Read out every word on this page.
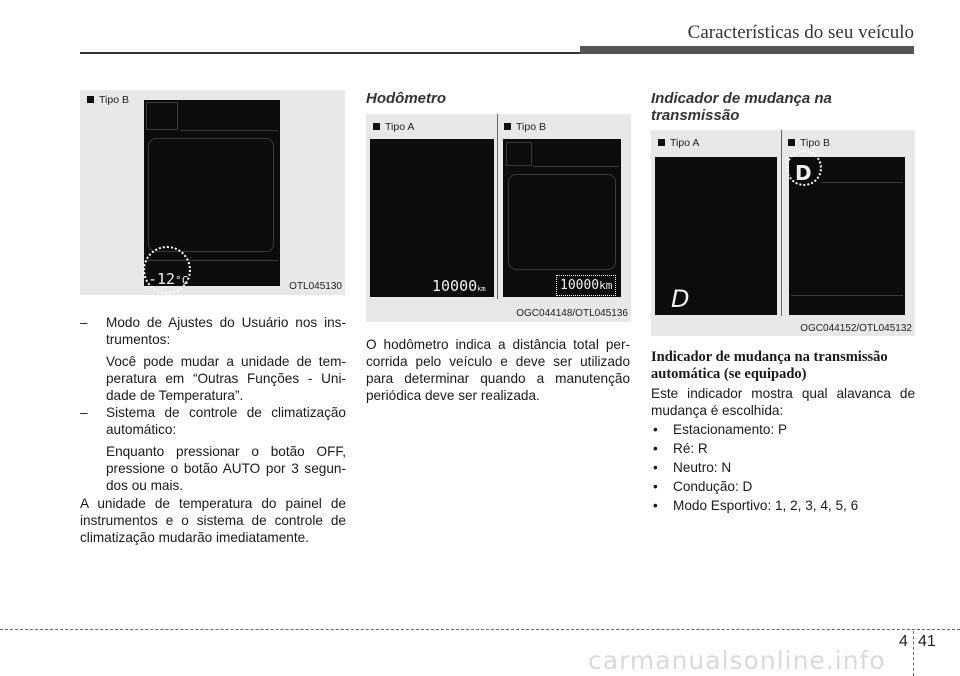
Características do seu veículo
Tipo B
-12°C	OTL045130
– Modo de Ajustes do Usuário nos ins-trumentos:

Você pode mudar a unidade de tem-peratura em “Outras Funções - Uni-dade de Temperatura”.

– Sistema de controle de climatização automático:

Enquanto pressionar o botão OFF, pressione o botão AUTO por 3 segun-dos ou mais.

A unidade de temperatura do painel de instrumentos e o sistema de controle de climatização mudarão imediatamente.

Hodômetro
Tipo A	Tipo B
10000km	10000km
OGC044148/OTL045136
O hodômetro indica a distância total per-corrida pelo veículo e deve ser utilizado para determinar quando a manutenção periódica deve ser realizada.
Indicador de mudança na transmissão
Tipo A	Tipo B
D
D
OGC044152/OTL045132
Indicador de mudança na transmissão automática (se equipado)

Este indicador mostra qual alavanca de mudança é escolhida:

• Estacionamento: P
• Ré: R
• Neutro: N
• Condução: D
• Modo Esportivo: 1, 2, 3, 4, 5, 6
4 41
carmanualsonline.info
